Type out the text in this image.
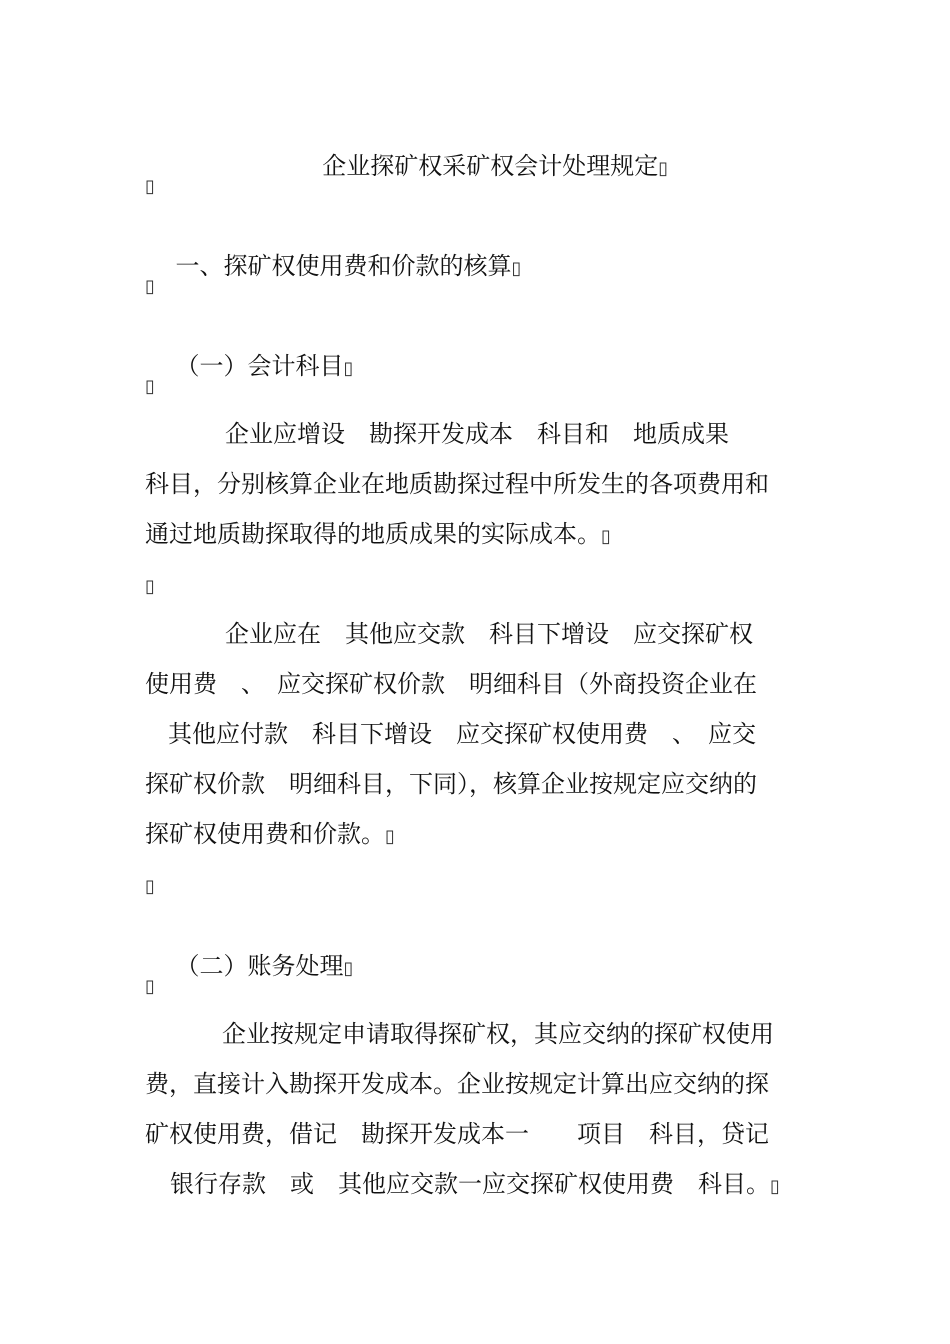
企业探矿权采矿权会计处理规定▯

▯

一、探矿权使用费和价款的核算▯

▯

（一）会计科目▯

▯
企业应增设　勘探开发成本　科目和　地质成果
科目，分别核算企业在地质勘探过程中所发生的各项费用和
通过地质勘探取得的地质成果的实际成本。▯
▯
企业应在　其他应交款　科目下增设　应交探矿权
使用费　、　应交探矿权价款　明细科目（外商投资企业在
其他应付款　科目下增设　应交探矿权使用费　、　应交
探矿权价款　明细科目，下同），核算企业按规定应交纳的
探矿权使用费和价款。▯
▯

（二）账务处理▯

▯
企业按规定申请取得探矿权，其应交纳的探矿权使用
费，直接计入勘探开发成本。企业按规定计算出应交纳的探
矿权使用费，借记　勘探开发成本一　　项目　科目，贷记
银行存款　或　其他应交款一应交探矿权使用费　科目。▯
